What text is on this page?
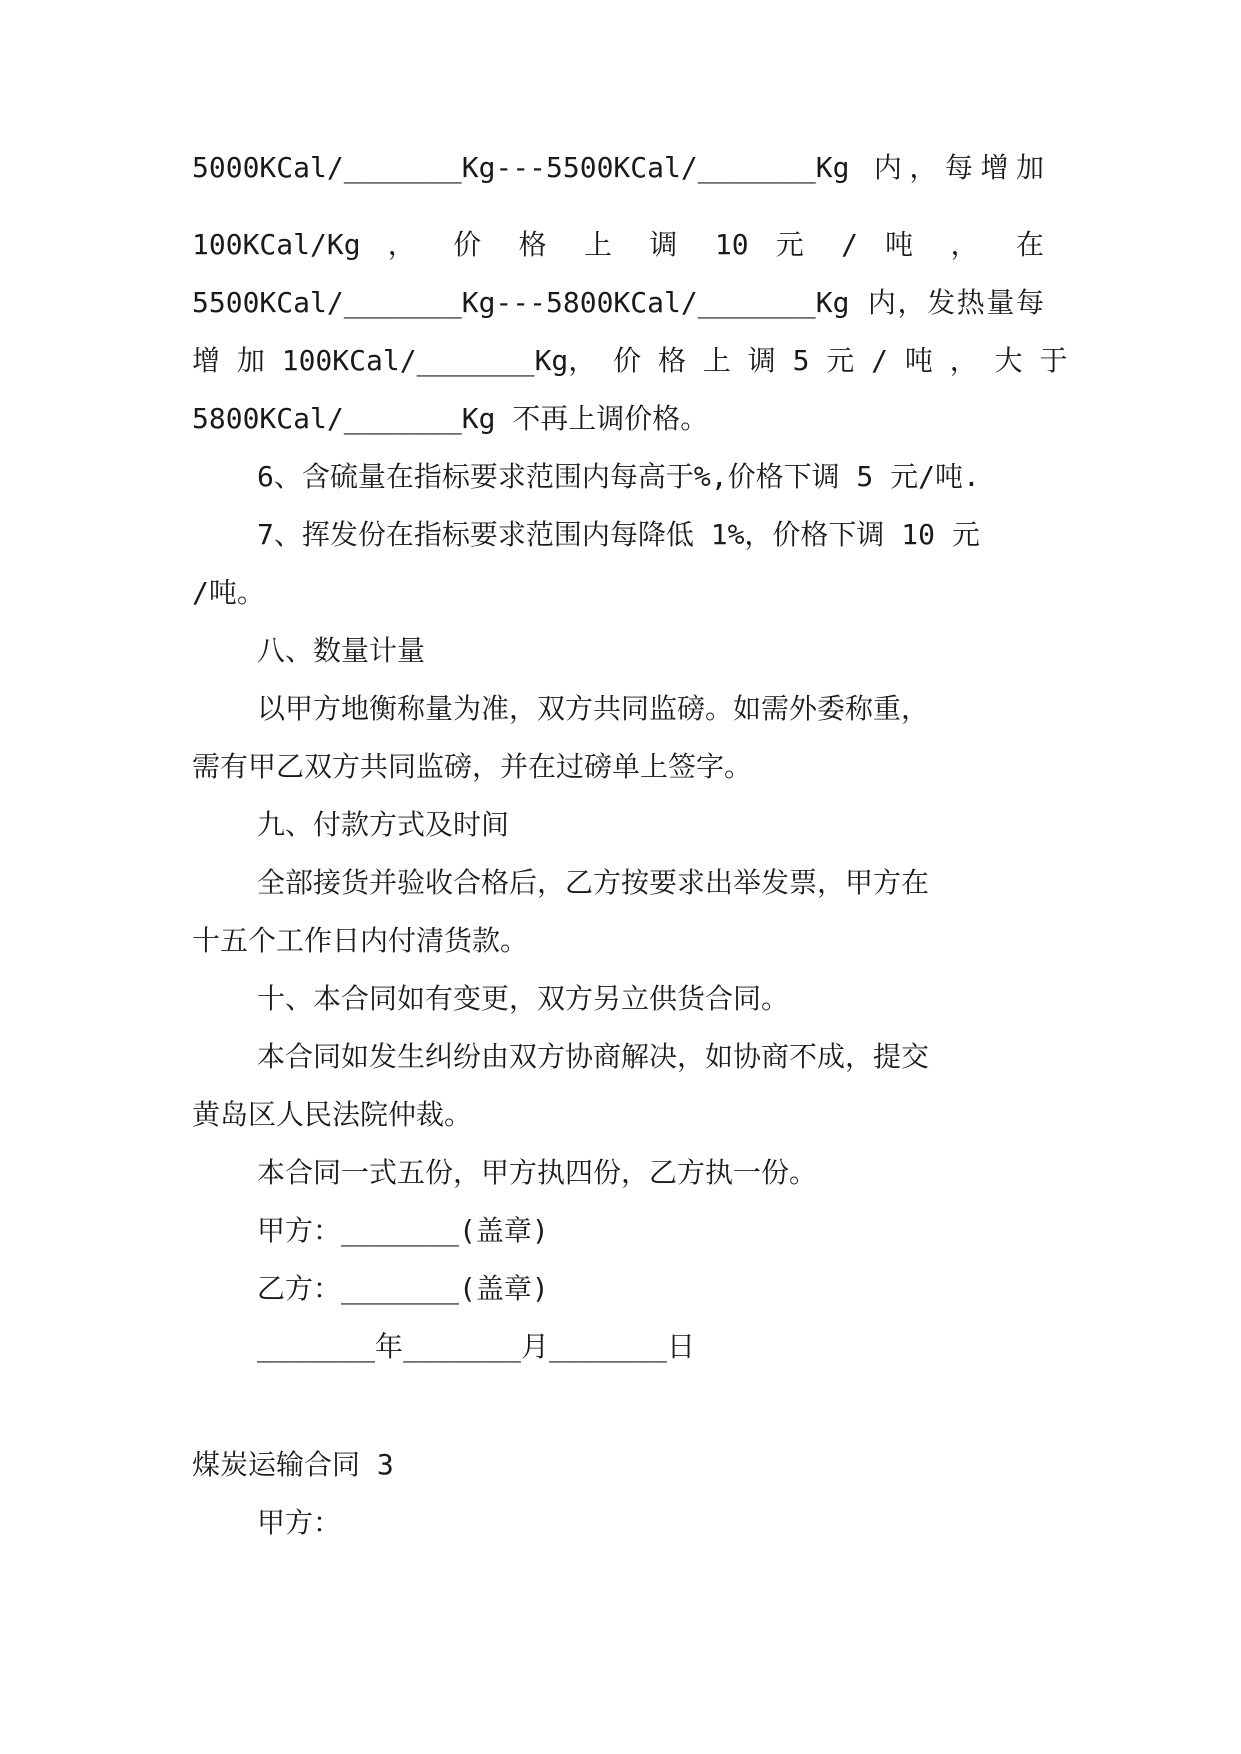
5000KCal/_______Kg---5500KCal/_______Kg 内，每增加
100KCal/Kg ， 价 格 上 调 10 元 / 吨 ， 在
5500KCal/_______Kg---5800KCal/_______Kg 内，发热量每
增 加 100KCal/_______Kg， 价 格 上 调 5 元 / 吨 ， 大 于
5800KCal/_______Kg 不再上调价格。
6、含硫量在指标要求范围内每高于%,价格下调 5 元/吨.
7、挥发份在指标要求范围内每降低 1%，价格下调 10 元
/吨。
八、数量计量
以甲方地衡称量为准，双方共同监磅。如需外委称重，
需有甲乙双方共同监磅，并在过磅单上签字。
九、付款方式及时间
全部接货并验收合格后，乙方按要求出举发票，甲方在
十五个工作日内付清货款。
十、本合同如有变更，双方另立供货合同。
本合同如发生纠纷由双方协商解决，如协商不成，提交
黄岛区人民法院仲裁。
本合同一式五份，甲方执四份，乙方执一份。
甲方：_______(盖章)
乙方：_______(盖章)
_______年_______月_______日
煤炭运输合同 3
甲方：
